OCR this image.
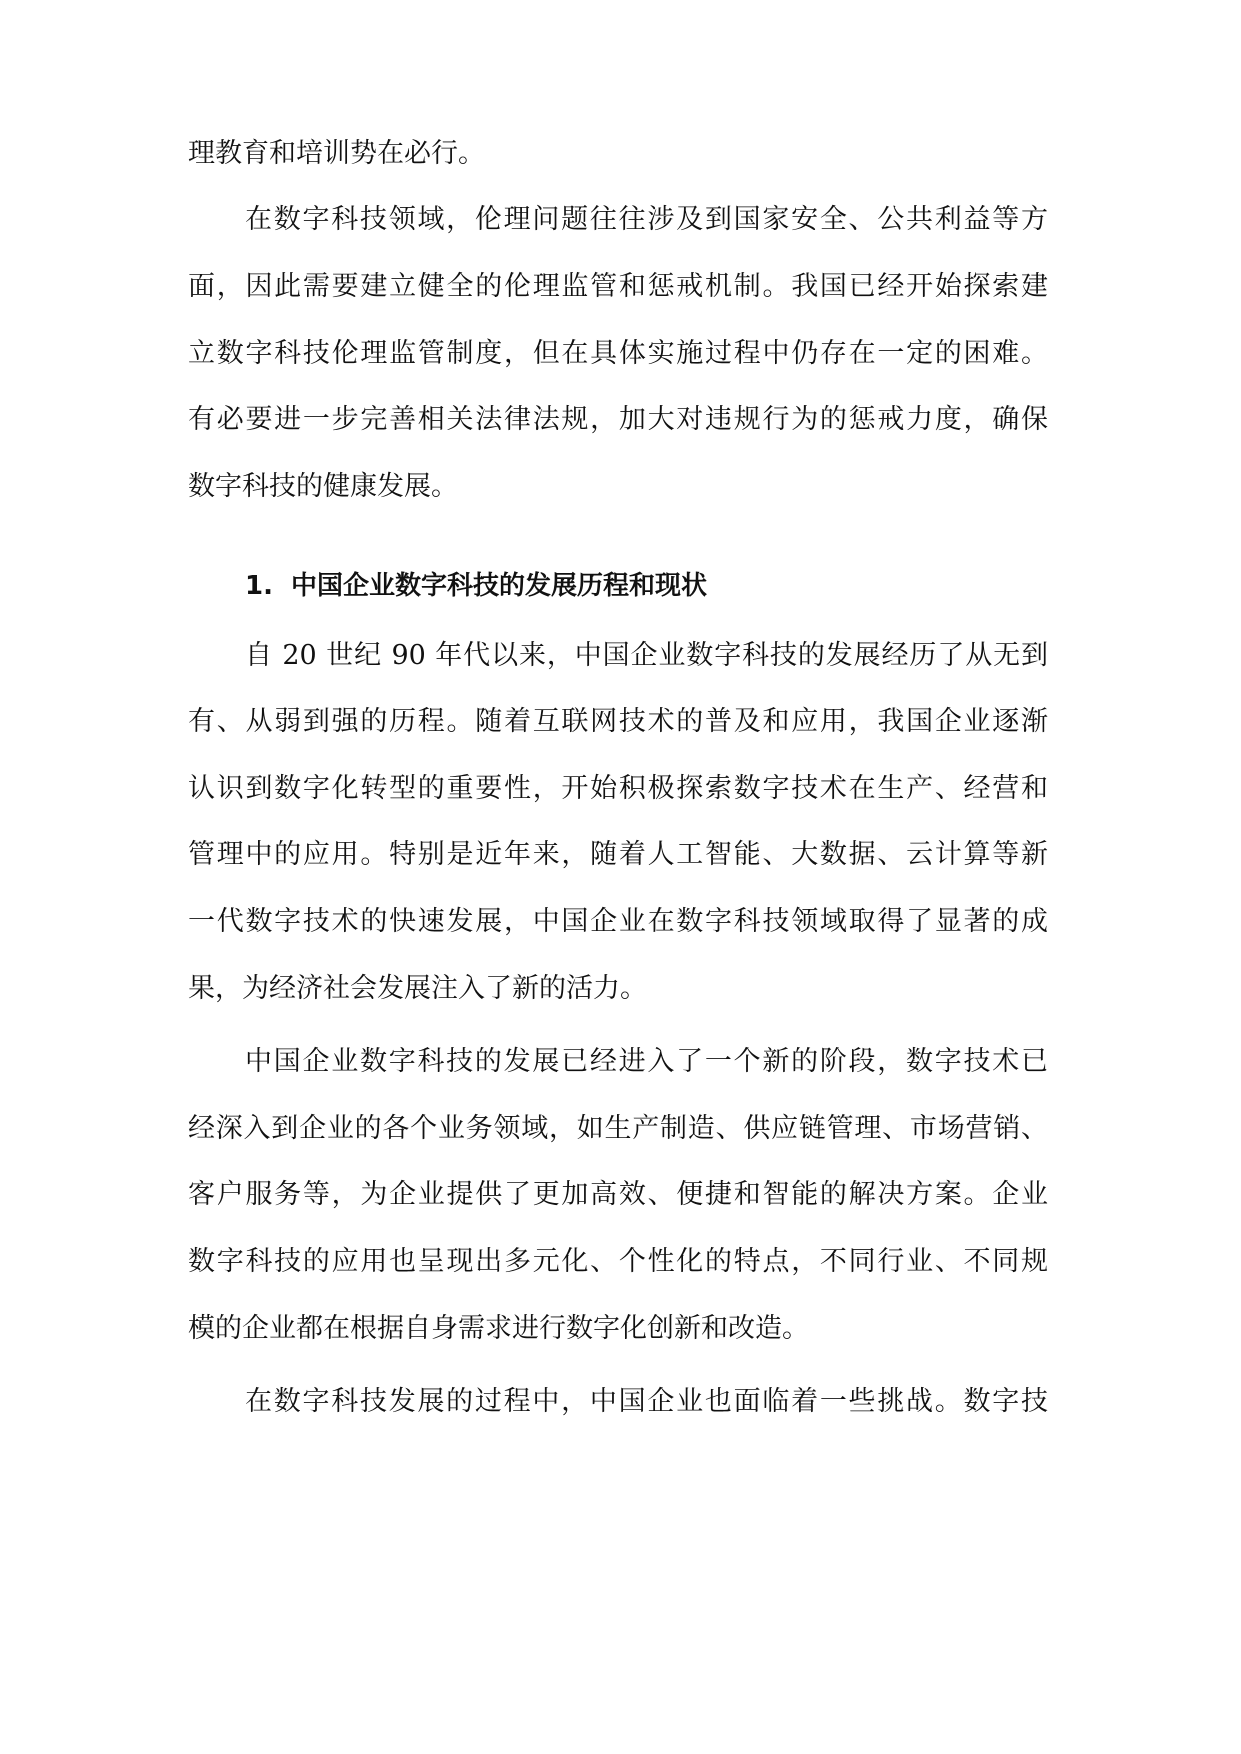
理教育和培训势在必行。

在数字科技领域，伦理问题往往涉及到国家安全、公共利益等方

面，因此需要建立健全的伦理监管和惩戒机制。我国已经开始探索建

立数字科技伦理监管制度，但在具体实施过程中仍存在一定的困难。

有必要进一步完善相关法律法规，加大对违规行为的惩戒力度，确保

数字科技的健康发展。

1. 中国企业数字科技的发展历程和现状

自 20 世纪 90 年代以来，中国企业数字科技的发展经历了从无到

有、从弱到强的历程。随着互联网技术的普及和应用，我国企业逐渐

认识到数字化转型的重要性，开始积极探索数字技术在生产、经营和

管理中的应用。特别是近年来，随着人工智能、大数据、云计算等新

一代数字技术的快速发展，中国企业在数字科技领域取得了显著的成

果，为经济社会发展注入了新的活力。

中国企业数字科技的发展已经进入了一个新的阶段，数字技术已

经深入到企业的各个业务领域，如生产制造、供应链管理、市场营销、

客户服务等，为企业提供了更加高效、便捷和智能的解决方案。企业

数字科技的应用也呈现出多元化、个性化的特点，不同行业、不同规

模的企业都在根据自身需求进行数字化创新和改造。

在数字科技发展的过程中，中国企业也面临着一些挑战。数字技
